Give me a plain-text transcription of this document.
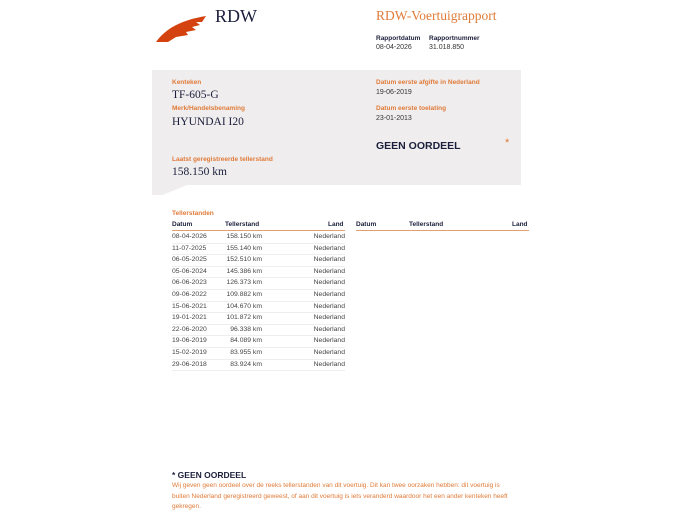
RDW	RDW-Voertuigrapport
Rapportdatum
08-04-2026
Rapportnummer
31.018.850
Kenteken
TF-605-G
Merk/Handelsbenaming
HYUNDAI I20
Laatst geregistreerde tellerstand
158.150 km
Datum eerste afgifte in Nederland
19-06-2019
Datum eerste toelating
23-01-2013
GEEN OORDEEL	*
Tellerstanden
Datum	Tellerstand	Land Datum	Tellerstand	Land
08-04-2026	158.150 km	Nederland
11-07-2025	155.140 km	Nederland
06-05-2025	152.510 km	Nederland
05-06-2024	145.386 km	Nederland
06-06-2023	126.373 km	Nederland
09-06-2022	109.882 km	Nederland
15-06-2021	104.670 km	Nederland
19-01-2021	101.872 km	Nederland
22-06-2020	96.338 km	Nederland
19-06-2019	84.089 km	Nederland
15-02-2019	83.955 km	Nederland
29-06-2018	83.924 km	Nederland
* GEEN OORDEEL
Wij geven geen oordeel over de reeks tellerstanden van dit voertuig. Dit kan twee oorzaken hebben: dit voertuig is buiten Nederland geregistreerd geweest, of aan dit voertuig is iets veranderd waardoor het een ander kenteken heeft gekregen.
